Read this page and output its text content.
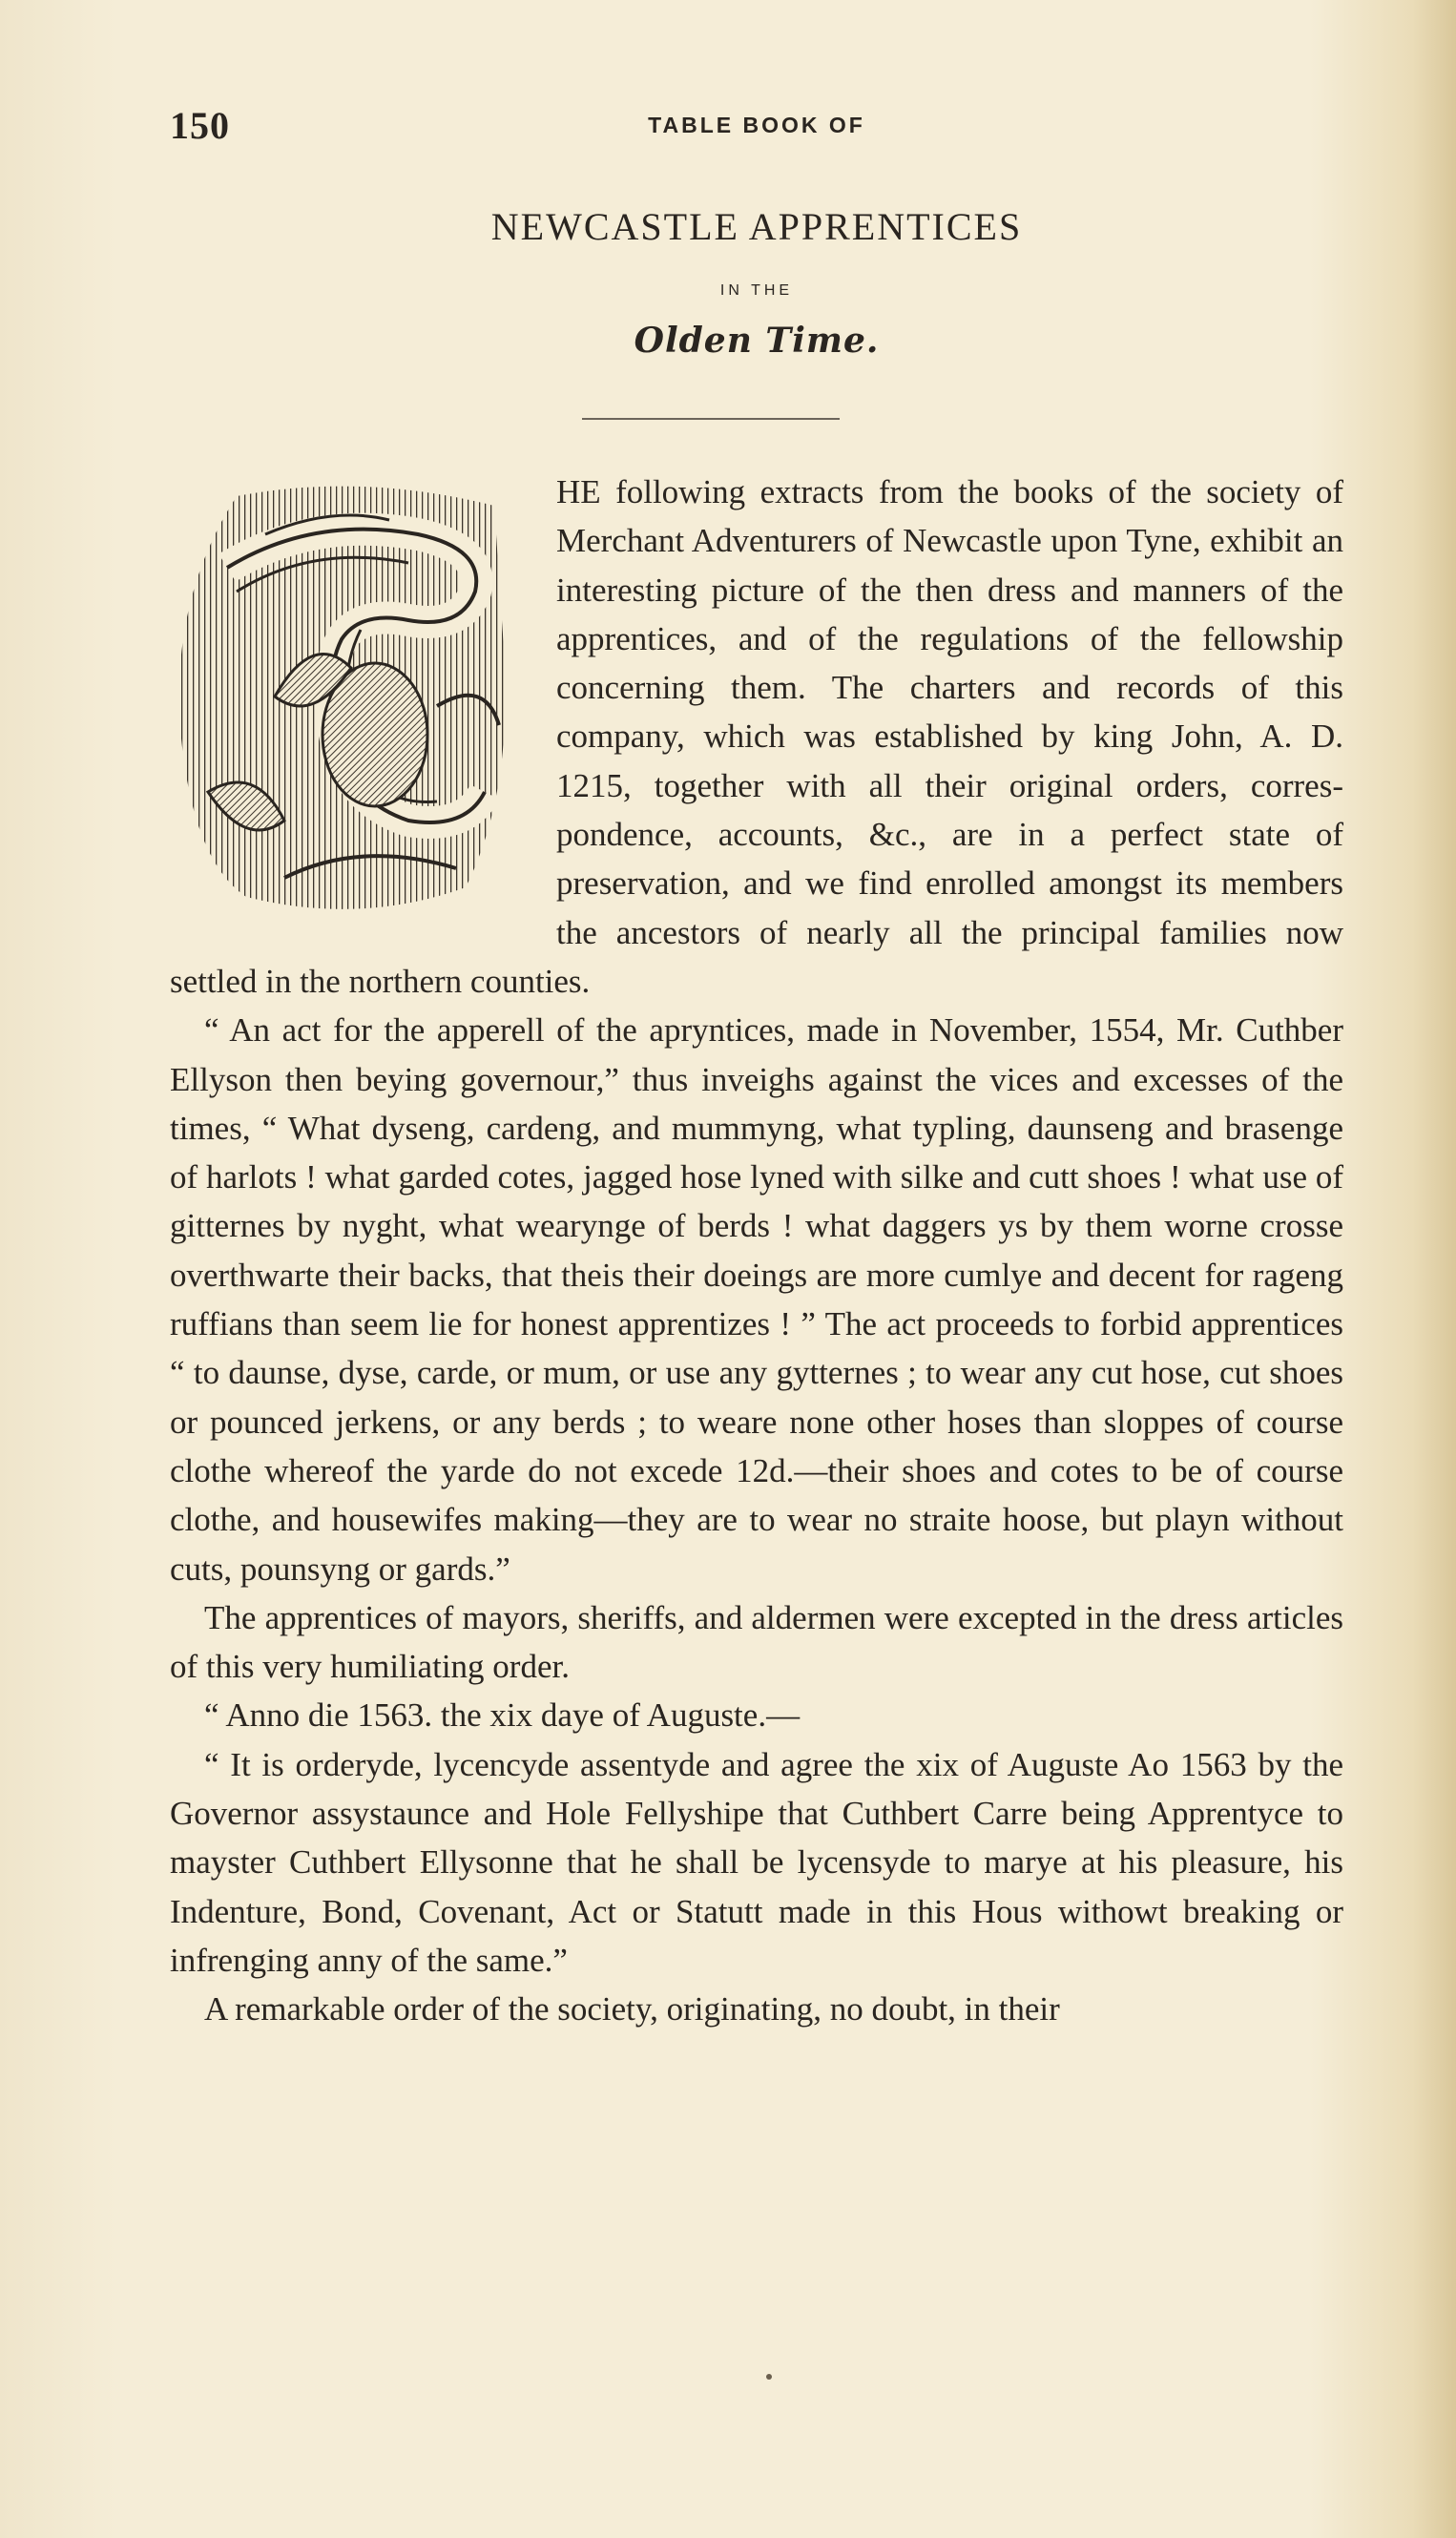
150	TABLE BOOK OF
NEWCASTLE APPRENTICES
IN THE
Olden Time.

HE following extracts from the books of the society of Merchant Adventurers of Newcastle upon Tyne, exhibit an interesting picture of the then dress and manners of the apprentices, and of the regulations of the fellowship concerning them. The charters and records of this company, which was established by king John, A. D. 1215, together with all their original orders, correspondence, accounts, &c., are in a perfect state of preservation, and we find enrolled amongst its members the ancestors of nearly all the principal families now settled in the northern counties.

“ An act for the apperell of the apryntices, made in November, 1554, Mr. Cuthber Ellyson then beying governour,” thus inveighs against the vices and excesses of the times, “ What dyseng, cardeng, and mummyng, what typling, daunseng and brasenge of harlots ! what garded cotes, jagged hose lyned with silke and cutt shoes ! what use of gitternes by nyght, what wearynge of berds ! what daggers ys by them worne crosse overthwarte their backs, that theis their doeings are more cumlye and decent for rageng ruffians than seem lie for honest apprentizes ! ” The act proceeds to forbid apprentices “ to daunse, dyse, carde, or mum, or use any gytternes ; to wear any cut hose, cut shoes or pounced jerkens, or any berds ; to weare none other hoses than sloppes of course clothe whereof the yarde do not excede 12d.—their shoes and cotes to be of course clothe, and housewifes making—they are to wear no straite hoose, but playn without cuts, pounsyng or gards.”

The apprentices of mayors, sheriffs, and aldermen were excepted in the dress articles of this very humiliating order.

“ Anno die 1563. the xix daye of Auguste.—

“ It is orderyde, lycencyde assentyde and agree the xix of Auguste Ao 1563 by the Governor assystaunce and Hole Fellyshipe that Cuthbert Carre being Apprentyce to mayster Cuthbert Ellysonne that he shall be lycensyde to marye at his pleasure, his Indenture, Bond, Covenant, Act or Statutt made in this Hous withowt breaking or infrenging anny of the same.”

A remarkable order of the society, originating, no doubt, in their
